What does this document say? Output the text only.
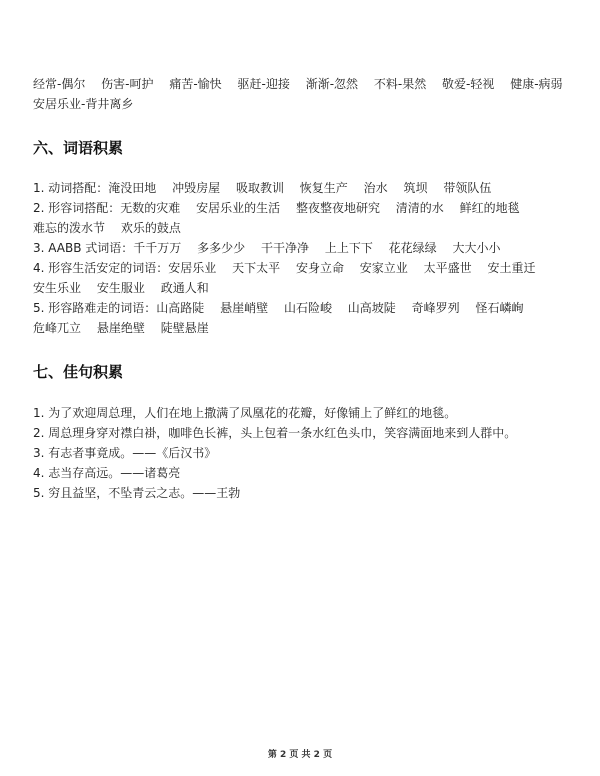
经常-偶尔 伤害-呵护 痛苦-愉快 驱赶-迎接 渐渐-忽然 不料-果然 敬爱-轻视 健康-病弱
安居乐业-背井离乡
六、词语积累
1. 动词搭配：淹没田地 冲毁房屋 吸取教训 恢复生产 治水 筑坝 带领队伍
2. 形容词搭配：无数的灾难 安居乐业的生活 整夜整夜地研究 清清的水 鲜红的地毯
难忘的泼水节 欢乐的鼓点
3. AABB 式词语：千千万万 多多少少 干干净净 上上下下 花花绿绿 大大小小
4. 形容生活安定的词语：安居乐业 天下太平 安身立命 安家立业 太平盛世 安土重迁
安生乐业 安生服业 政通人和
5. 形容路难走的词语：山高路陡 悬崖峭壁 山石险峻 山高坡陡 奇峰罗列 怪石嶙峋
危峰兀立 悬崖绝壁 陡壁悬崖
七、佳句积累
1. 为了欢迎周总理，人们在地上撒满了凤凰花的花瓣，好像铺上了鲜红的地毯。
2. 周总理身穿对襟白褂，咖啡色长裤，头上包着一条水红色头巾，笑容满面地来到人群中。
3. 有志者事竟成。——《后汉书》
4. 志当存高远。——诸葛亮
5. 穷且益坚，不坠青云之志。——王勃
第 2 页 共 2 页
